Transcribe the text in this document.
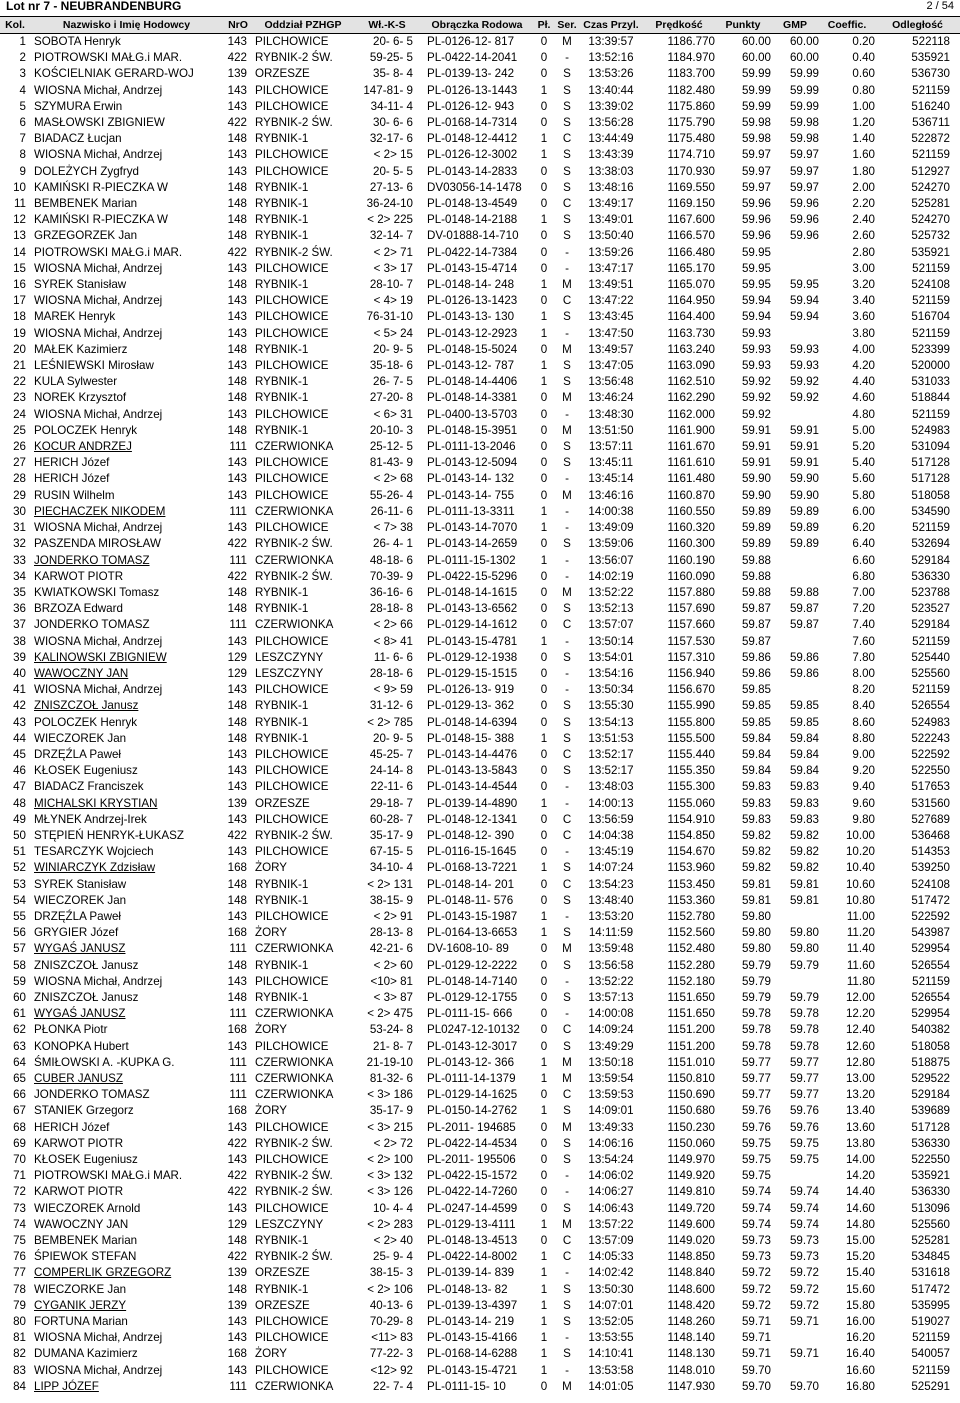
Lot nr 7 - NEUBRANDENBURG	2 / 54
Kol.	Nazwisko i Imię Hodowcy	NrO	Oddział PZHGP	Wł.-K-S	Obrączka Rodowa	Pł.	Ser.	Czas Przyl.	Prędkość	Punkty	GMP	Coeffic.	Odległość
1	SOBOTA Henryk	143	PILCHOWICE	20- 6- 5	PL-0126-12- 817	0	M	13:39:57	1186.770	60.00	60.00	0.20	522118
2	PIOTROWSKI MAŁG.i MAR.	422	RYBNIK-2 ŚW.	59-25- 5	PL-0422-14-2041	0	-	13:52:16	1184.970	60.00	60.00	0.40	535921
3	KOŚCIELNIAK GERARD-WOJ	139	ORZESZE	35- 8- 4	PL-0139-13- 242	0	S	13:53:26	1183.700	59.99	59.99	0.60	536730
4	WIOSNA Michał, Andrzej	143	PILCHOWICE	147-81- 9	PL-0126-13-1443	1	S	13:40:44	1182.480	59.99	59.99	0.80	521159
5	SZYMURA Erwin	143	PILCHOWICE	34-11- 4	PL-0126-12- 943	0	S	13:39:02	1175.860	59.99	59.99	1.00	516240
6	MASŁOWSKI ZBIGNIEW	422	RYBNIK-2 ŚW.	30- 6- 6	PL-0168-14-7314	0	S	13:56:28	1175.790	59.98	59.98	1.20	536711
7	BIADACZ Łucjan	148	RYBNIK-1	32-17- 6	PL-0148-12-4412	1	C	13:44:49	1175.480	59.98	59.98	1.40	522872
8	WIOSNA Michał, Andrzej	143	PILCHOWICE	< 2> 15	PL-0126-12-3002	1	S	13:43:39	1174.710	59.97	59.97	1.60	521159
9	DOLEŻYCH Zygfryd	143	PILCHOWICE	20- 5- 5	PL-0143-14-2833	0	S	13:38:03	1170.930	59.97	59.97	1.80	512927
10	KAMIŃSKI R-PIECZKA W	148	RYBNIK-1	27-13- 6	DV03056-14-1478	0	S	13:48:16	1169.550	59.97	59.97	2.00	524270
11	BEMBENEK Marian	148	RYBNIK-1	36-24-10	PL-0148-13-4549	0	C	13:49:17	1169.150	59.96	59.96	2.20	525281
12	KAMIŃSKI R-PIECZKA W	148	RYBNIK-1	< 2> 225	PL-0148-14-2188	1	S	13:49:01	1167.600	59.96	59.96	2.40	524270
13	GRZEGORZEK Jan	148	RYBNIK-1	32-14- 7	DV-01888-14-710	0	S	13:50:40	1166.570	59.96	59.96	2.60	525732
14	PIOTROWSKI MAŁG.i MAR.	422	RYBNIK-2 ŚW.	< 2> 71	PL-0422-14-7384	0	-	13:59:26	1166.480	59.95		2.80	535921
15	WIOSNA Michał, Andrzej	143	PILCHOWICE	< 3> 17	PL-0143-15-4714	0	-	13:47:17	1165.170	59.95		3.00	521159
16	SYREK Stanisław	148	RYBNIK-1	28-10- 7	PL-0148-14- 248	1	M	13:49:51	1165.070	59.95	59.95	3.20	524108
17	WIOSNA Michał, Andrzej	143	PILCHOWICE	< 4> 19	PL-0126-13-1423	0	C	13:47:22	1164.950	59.94	59.94	3.40	521159
18	MAREK Henryk	143	PILCHOWICE	76-31-10	PL-0143-13- 130	1	S	13:43:45	1164.400	59.94	59.94	3.60	516704
19	WIOSNA Michał, Andrzej	143	PILCHOWICE	< 5> 24	PL-0143-12-2923	1	-	13:47:50	1163.730	59.93		3.80	521159
20	MAŁEK Kazimierz	148	RYBNIK-1	20- 9- 5	PL-0148-15-5024	0	M	13:49:57	1163.240	59.93	59.93	4.00	523399
21	LEŚNIEWSKI Mirosław	143	PILCHOWICE	35-18- 6	PL-0143-12- 787	1	S	13:47:05	1163.090	59.93	59.93	4.20	520000
22	KULA Sylwester	148	RYBNIK-1	26- 7- 5	PL-0148-14-4406	1	S	13:56:48	1162.510	59.92	59.92	4.40	531033
23	NOREK Krzysztof	148	RYBNIK-1	27-20- 8	PL-0148-14-3381	0	M	13:46:24	1162.290	59.92	59.92	4.60	518844
24	WIOSNA Michał, Andrzej	143	PILCHOWICE	< 6> 31	PL-0400-13-5703	0	-	13:48:30	1162.000	59.92		4.80	521159
25	POLOCZEK Henryk	148	RYBNIK-1	20-10- 3	PL-0148-15-3951	0	M	13:51:50	1161.900	59.91	59.91	5.00	524983
26	KOCUR ANDRZEJ	111	CZERWIONKA	25-12- 5	PL-0111-13-2046	0	S	13:57:11	1161.670	59.91	59.91	5.20	531094
27	HERICH Józef	143	PILCHOWICE	81-43- 9	PL-0143-12-5094	0	S	13:45:11	1161.610	59.91	59.91	5.40	517128
28	HERICH Józef	143	PILCHOWICE	< 2> 68	PL-0143-14- 132	0	-	13:45:14	1161.480	59.90	59.90	5.60	517128
29	RUSIN Wilhelm	143	PILCHOWICE	55-26- 4	PL-0143-14- 755	0	M	13:46:16	1160.870	59.90	59.90	5.80	518058
30	PIECHACZEK NIKODEM	111	CZERWIONKA	26-11- 6	PL-0111-13-3311	1	-	14:00:38	1160.550	59.89	59.89	6.00	534590
31	WIOSNA Michał, Andrzej	143	PILCHOWICE	< 7> 38	PL-0143-14-7070	1	-	13:49:09	1160.320	59.89	59.89	6.20	521159
32	PASZENDA MIROSŁAW	422	RYBNIK-2 ŚW.	26- 4- 1	PL-0143-14-2659	0	S	13:59:06	1160.300	59.89	59.89	6.40	532694
33	JONDERKO TOMASZ	111	CZERWIONKA	48-18- 6	PL-0111-15-1302	1	-	13:56:07	1160.190	59.88		6.60	529184
34	KARWOT PIOTR	422	RYBNIK-2 ŚW.	70-39- 9	PL-0422-15-5296	0	-	14:02:19	1160.090	59.88		6.80	536330
35	KWIATKOWSKI Tomasz	148	RYBNIK-1	36-16- 6	PL-0148-14-1615	0	M	13:52:22	1157.880	59.88	59.88	7.00	523788
36	BRZOZA Edward	148	RYBNIK-1	28-18- 8	PL-0143-13-6562	0	S	13:52:13	1157.690	59.87	59.87	7.20	523527
37	JONDERKO TOMASZ	111	CZERWIONKA	< 2> 66	PL-0129-14-1612	0	C	13:57:07	1157.660	59.87	59.87	7.40	529184
38	WIOSNA Michał, Andrzej	143	PILCHOWICE	< 8> 41	PL-0143-15-4781	1	-	13:50:14	1157.530	59.87		7.60	521159
39	KALINOWSKI ZBIGNIEW	129	LESZCZYNY	11- 6- 6	PL-0129-12-1938	0	S	13:54:01	1157.310	59.86	59.86	7.80	525440
40	WAWOCZNY JAN	129	LESZCZYNY	28-18- 6	PL-0129-15-1515	0	-	13:54:16	1156.940	59.86	59.86	8.00	525560
41	WIOSNA Michał, Andrzej	143	PILCHOWICE	< 9> 59	PL-0126-13- 919	0	-	13:50:34	1156.670	59.85		8.20	521159
42	ZNISZCZOŁ Janusz	148	RYBNIK-1	31-12- 6	PL-0129-13- 362	0	S	13:55:30	1155.990	59.85	59.85	8.40	526554
43	POLOCZEK Henryk	148	RYBNIK-1	< 2> 785	PL-0148-14-6394	0	S	13:54:13	1155.800	59.85	59.85	8.60	524983
44	WIECZOREK Jan	148	RYBNIK-1	20- 9- 5	PL-0148-15- 388	1	S	13:51:53	1155.500	59.84	59.84	8.80	522243
45	DRZĘŹLA Paweł	143	PILCHOWICE	45-25- 7	PL-0143-14-4476	0	C	13:52:17	1155.440	59.84	59.84	9.00	522592
46	KŁOSEK Eugeniusz	143	PILCHOWICE	24-14- 8	PL-0143-13-5843	0	S	13:52:17	1155.350	59.84	59.84	9.20	522550
47	BIADACZ Franciszek	143	PILCHOWICE	22-11- 6	PL-0143-14-4544	0	-	13:48:03	1155.300	59.83	59.83	9.40	517653
48	MICHALSKI KRYSTIAN	139	ORZESZE	29-18- 7	PL-0139-14-4890	1	-	14:00:13	1155.060	59.83	59.83	9.60	531560
49	MŁYNEK Andrzej-Irek	143	PILCHOWICE	60-28- 7	PL-0148-12-1341	0	C	13:56:59	1154.910	59.83	59.83	9.80	527689
50	STĘPIEŃ HENRYK-ŁUKASZ	422	RYBNIK-2 ŚW.	35-17- 9	PL-0148-12- 390	0	C	14:04:38	1154.850	59.82	59.82	10.00	536468
51	TESARCZYK Wojciech	143	PILCHOWICE	67-15- 5	PL-0116-15-1645	0	-	13:45:19	1154.670	59.82	59.82	10.20	514353
52	WINIARCZYK Zdzisław	168	ŻORY	34-10- 4	PL-0168-13-7221	1	S	14:07:24	1153.960	59.82	59.82	10.40	539250
53	SYREK Stanisław	148	RYBNIK-1	< 2> 131	PL-0148-14- 201	0	C	13:54:23	1153.450	59.81	59.81	10.60	524108
54	WIECZOREK Jan	148	RYBNIK-1	38-15- 9	PL-0148-11- 576	0	S	13:48:40	1153.360	59.81	59.81	10.80	517472
55	DRZĘŹLA Paweł	143	PILCHOWICE	< 2> 91	PL-0143-15-1987	1	-	13:53:20	1152.780	59.80		11.00	522592
56	GRYGIER Józef	168	ŻORY	28-13- 8	PL-0164-13-6653	1	S	14:11:59	1152.560	59.80	59.80	11.20	543987
57	WYGAŚ JANUSZ	111	CZERWIONKA	42-21- 6	DV-1608-10- 89	0	M	13:59:48	1152.480	59.80	59.80	11.40	529954
58	ZNISZCZOŁ Janusz	148	RYBNIK-1	< 2> 60	PL-0129-12-2222	0	S	13:56:58	1152.280	59.79	59.79	11.60	526554
59	WIOSNA Michał, Andrzej	143	PILCHOWICE	<10> 81	PL-0148-14-7140	0	-	13:52:22	1152.180	59.79		11.80	521159
60	ZNISZCZOŁ Janusz	148	RYBNIK-1	< 3> 87	PL-0129-12-1755	0	S	13:57:13	1151.650	59.79	59.79	12.00	526554
61	WYGAŚ JANUSZ	111	CZERWIONKA	< 2> 475	PL-0111-15- 666	0	-	14:00:08	1151.650	59.78	59.78	12.20	529954
62	PŁONKA Piotr	168	ŻORY	53-24- 8	PL0247-12-10132	0	C	14:09:24	1151.200	59.78	59.78	12.40	540382
63	KONOPKA Hubert	143	PILCHOWICE	21- 8- 7	PL-0143-12-3017	0	S	13:49:29	1151.200	59.78	59.78	12.60	518058
64	ŚMIŁOWSKI A. -KUPKA G.	111	CZERWIONKA	21-19-10	PL-0143-12- 366	1	M	13:50:18	1151.010	59.77	59.77	12.80	518875
65	CUBER JANUSZ	111	CZERWIONKA	81-32- 6	PL-0111-14-1379	1	M	13:59:54	1150.810	59.77	59.77	13.00	529522
66	JONDERKO TOMASZ	111	CZERWIONKA	< 3> 186	PL-0129-14-1625	0	C	13:59:53	1150.690	59.77	59.77	13.20	529184
67	STANIEK Grzegorz	168	ŻORY	35-17- 9	PL-0150-14-2762	1	S	14:09:01	1150.680	59.76	59.76	13.40	539689
68	HERICH Józef	143	PILCHOWICE	< 3> 215	PL-2011- 194685	0	M	13:49:33	1150.230	59.76	59.76	13.60	517128
69	KARWOT PIOTR	422	RYBNIK-2 ŚW.	< 2> 72	PL-0422-14-4534	0	S	14:06:16	1150.060	59.75	59.75	13.80	536330
70	KŁOSEK Eugeniusz	143	PILCHOWICE	< 2> 100	PL-2011- 195506	0	S	13:54:24	1149.970	59.75	59.75	14.00	522550
71	PIOTROWSKI MAŁG.i MAR.	422	RYBNIK-2 ŚW.	< 3> 132	PL-0422-15-1572	0	-	14:06:02	1149.920	59.75		14.20	535921
72	KARWOT PIOTR	422	RYBNIK-2 ŚW.	< 3> 126	PL-0422-14-7260	0	-	14:06:27	1149.810	59.74	59.74	14.40	536330
73	WIECZOREK Arnold	143	PILCHOWICE	10- 4- 4	PL-0247-14-4599	0	S	14:06:43	1149.720	59.74	59.74	14.60	513096
74	WAWOCZNY JAN	129	LESZCZYNY	< 2> 283	PL-0129-13-4111	1	M	13:57:22	1149.600	59.74	59.74	14.80	525560
75	BEMBENEK Marian	148	RYBNIK-1	< 2> 40	PL-0148-13-4513	0	C	13:57:09	1149.020	59.73	59.73	15.00	525281
76	ŚPIEWOK STEFAN	422	RYBNIK-2 ŚW.	25- 9- 4	PL-0422-14-8002	1	C	14:05:33	1148.850	59.73	59.73	15.20	534845
77	COMPERLIK GRZEGORZ	139	ORZESZE	38-15- 3	PL-0139-14- 839	1	-	14:02:42	1148.840	59.72	59.72	15.40	531618
78	WIECZORKE Jan	148	RYBNIK-1	< 2> 106	PL-0148-13- 82	1	S	13:50:30	1148.600	59.72	59.72	15.60	517472
79	CYGANIK JERZY	139	ORZESZE	40-13- 6	PL-0139-13-4397	1	S	14:07:01	1148.420	59.72	59.72	15.80	535995
80	FORTUNA Marian	143	PILCHOWICE	70-29- 8	PL-0143-14- 219	1	S	13:52:05	1148.260	59.71	59.71	16.00	519027
81	WIOSNA Michał, Andrzej	143	PILCHOWICE	<11> 83	PL-0143-15-4166	1	-	13:53:55	1148.140	59.71		16.20	521159
82	DUMANA Kazimierz	168	ŻORY	77-22- 3	PL-0168-14-6288	1	S	14:10:41	1148.130	59.71	59.71	16.40	540057
83	WIOSNA Michał, Andrzej	143	PILCHOWICE	<12> 92	PL-0143-15-4721	1	-	13:53:58	1148.010	59.70		16.60	521159
84	LIPP JÓZEF	111	CZERWIONKA	22- 7- 4	PL-0111-15- 10	0	M	14:01:05	1147.930	59.70	59.70	16.80	525291
